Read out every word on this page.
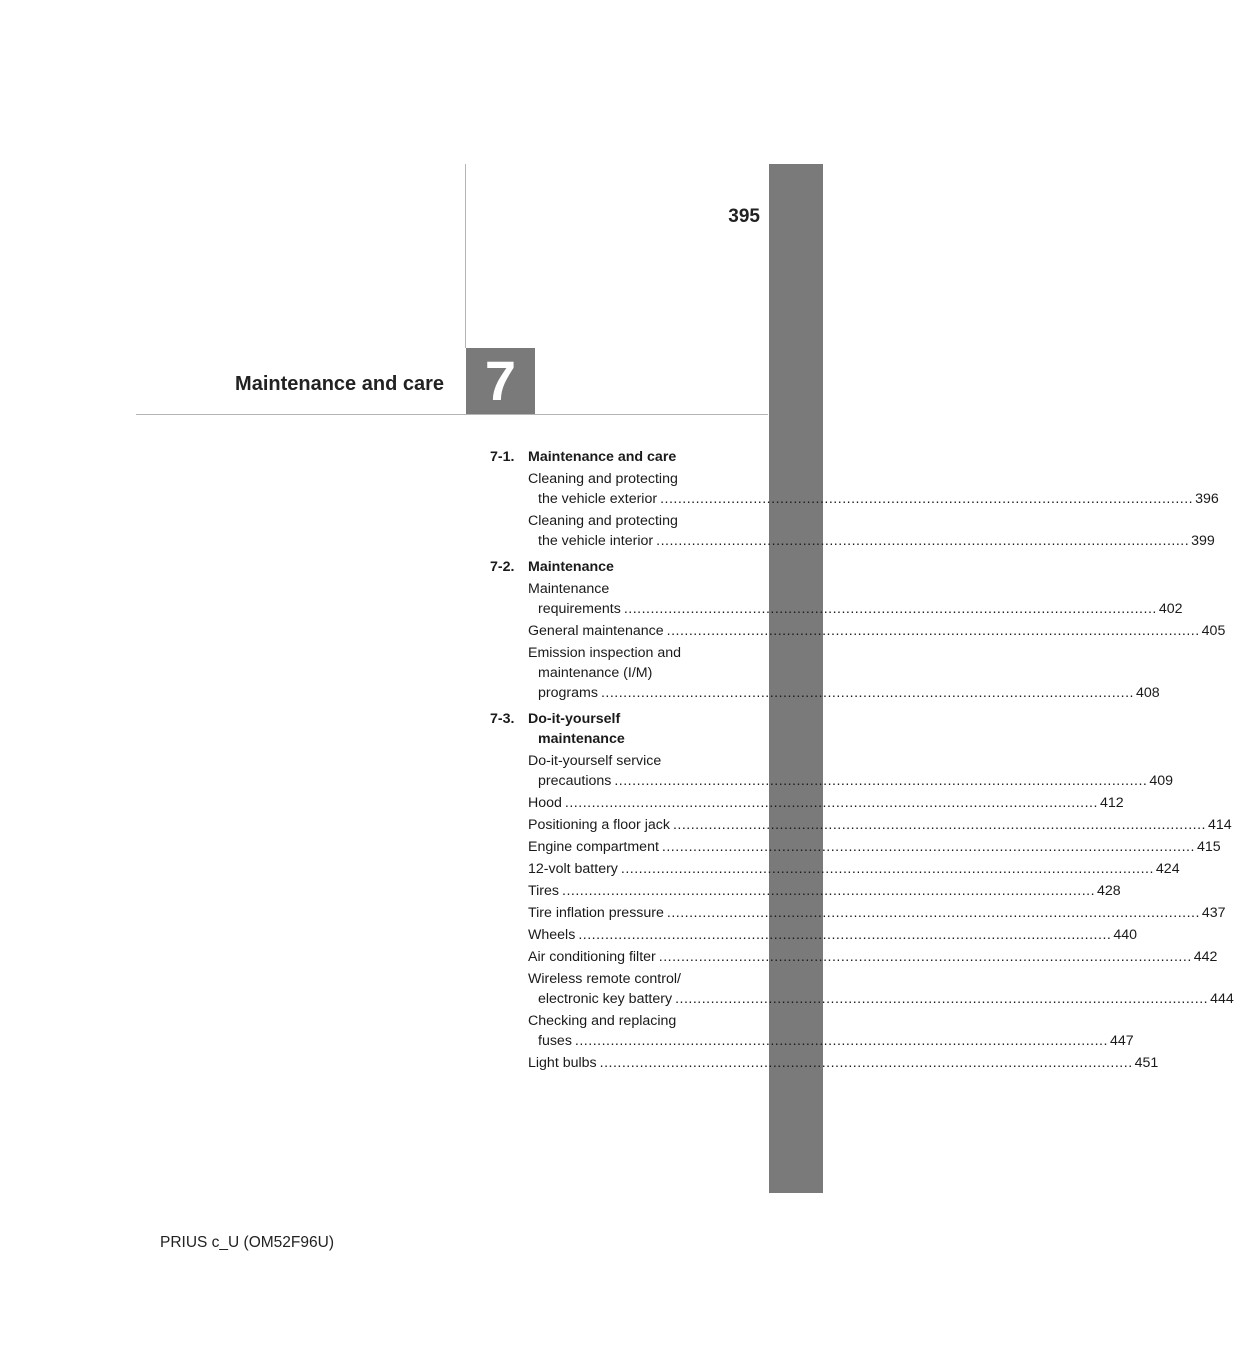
395
Maintenance and care 7
7-1. Maintenance and care
Cleaning and protecting
the vehicle exterior ........................................................................................................................ 396
Cleaning and protecting
the vehicle interior ........................................................................................................................ 399
7-2. Maintenance
Maintenance
requirements ........................................................................................................................ 402
General maintenance ........................................................................................................................ 405
Emission inspection and
maintenance (I/M)
programs ........................................................................................................................ 408
7-3. Do-it-yourself
maintenance
Do-it-yourself service
precautions ........................................................................................................................ 409
Hood ........................................................................................................................ 412
Positioning a floor jack ........................................................................................................................ 414
Engine compartment ........................................................................................................................ 415
12-volt battery ........................................................................................................................ 424
Tires ........................................................................................................................ 428
Tire inflation pressure ........................................................................................................................ 437
Wheels ........................................................................................................................ 440
Air conditioning filter ........................................................................................................................ 442
Wireless remote control/
electronic key battery ........................................................................................................................ 444
Checking and replacing
fuses ........................................................................................................................ 447
Light bulbs ........................................................................................................................ 451
PRIUS c_U (OM52F96U)
